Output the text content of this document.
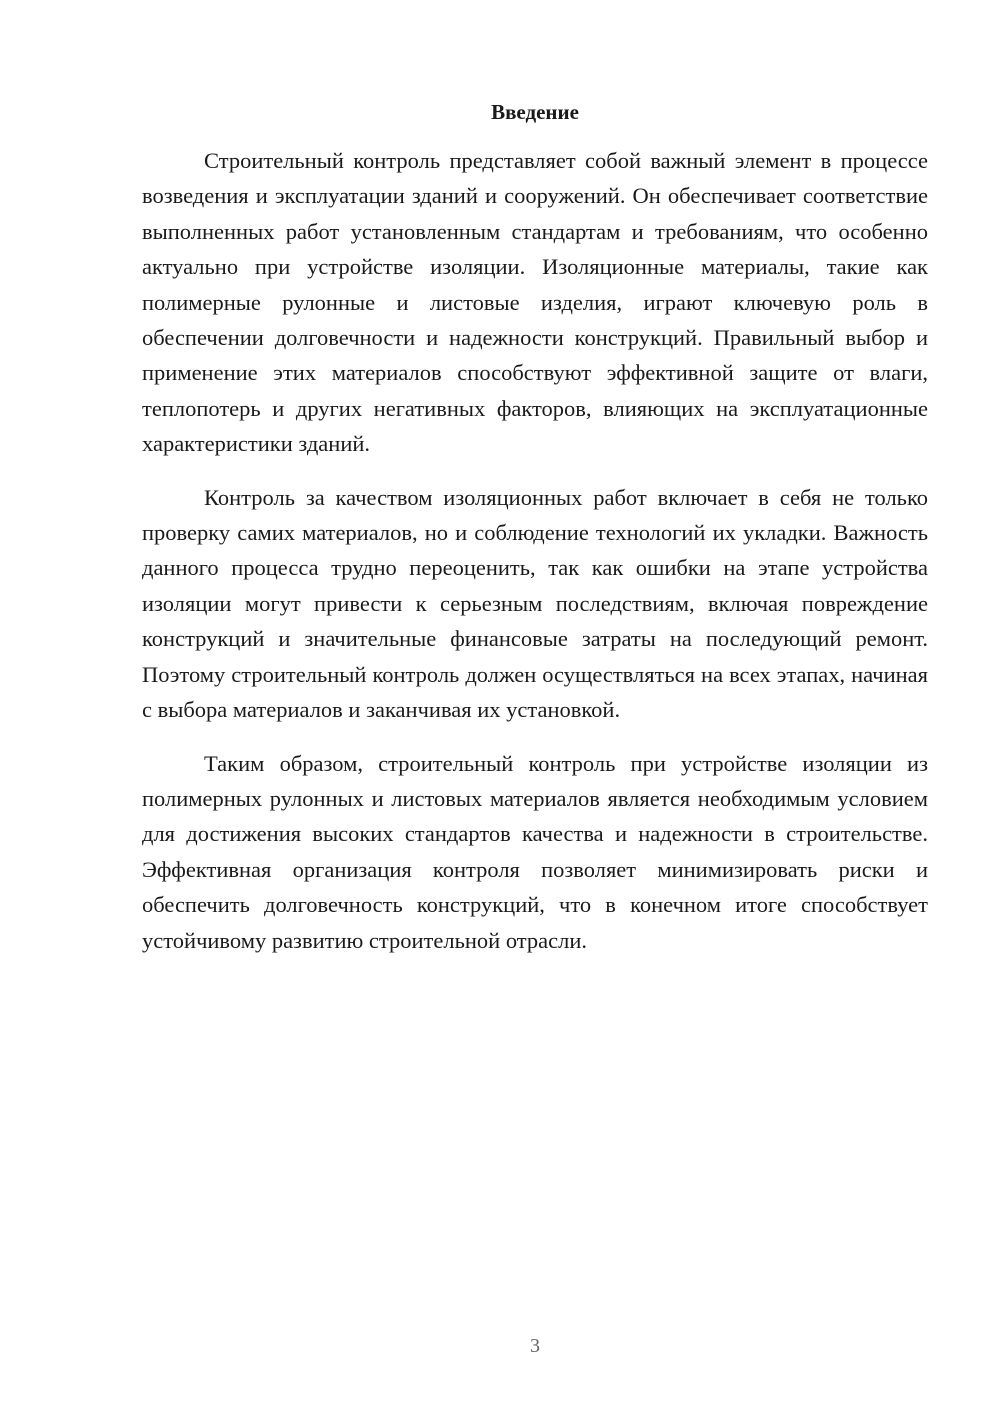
Введение

Строительный контроль представляет собой важный элемент в процессе возведения и эксплуатации зданий и сооружений. Он обеспечивает соответствие выполненных работ установленным стандартам и требованиям, что особенно актуально при устройстве изоляции. Изоляционные материалы, такие как полимерные рулонные и листовые изделия, играют ключевую роль в обеспечении долговечности и надежности конструкций. Правильный выбор и применение этих материалов способствуют эффективной защите от влаги, теплопотерь и других негативных факторов, влияющих на эксплуатационные характеристики зданий.

Контроль за качеством изоляционных работ включает в себя не только проверку самих материалов, но и соблюдение технологий их укладки. Важность данного процесса трудно переоценить, так как ошибки на этапе устройства изоляции могут привести к серьезным последствиям, включая повреждение конструкций и значительные финансовые затраты на последующий ремонт. Поэтому строительный контроль должен осуществляться на всех этапах, начиная с выбора материалов и заканчивая их установкой.

Таким образом, строительный контроль при устройстве изоляции из полимерных рулонных и листовых материалов является необходимым условием для достижения высоких стандартов качества и надежности в строительстве. Эффективная организация контроля позволяет минимизировать риски и обеспечить долговечность конструкций, что в конечном итоге способствует устойчивому развитию строительной отрасли.

3
